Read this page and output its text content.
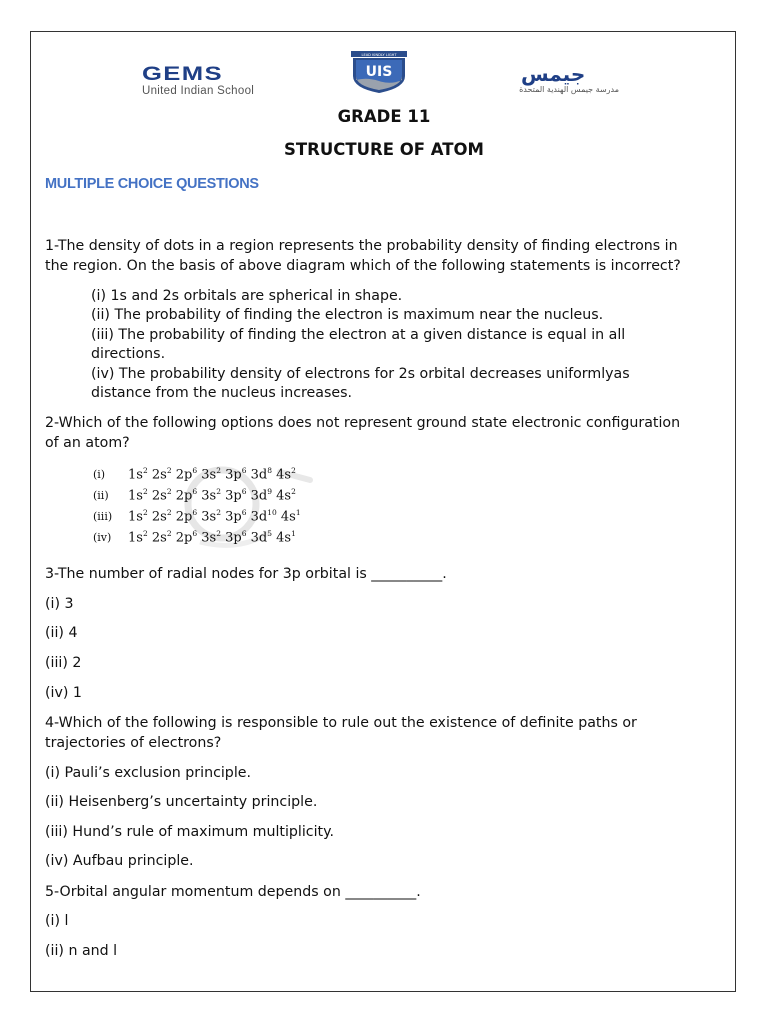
GEMS
United Indian School
LEAD KINDLY LIGHT
UIS	جيمس
مدرسة جيمس الهندية المتحدة
GRADE 11
STRUCTURE OF ATOM
MULTIPLE CHOICE QUESTIONS
1-The density of dots in a region represents the probability density of finding electrons in
the region. On the basis of above diagram which of the following statements is incorrect?
(i) 1s and 2s orbitals are spherical in shape.
(ii) The probability of finding the electron is maximum near the nucleus.
(iii) The probability of finding the electron at a given distance is equal in all
directions.
(iv) The probability density of electrons for 2s orbital decreases uniformlyas
distance from the nucleus increases.
2-Which of the following options does not represent ground state electronic configuration
of an atom?
(i) $1s^2$ $2s^2$ $2p^6$ $3s^2$ $3p^6$ $3d^8$ $4s^2$
(ii) $1s^2$ $2s^2$ $2p^6$ $3s^2$ $3p^6$ $3d^9$ $4s^2$
(iii) $1s^2$ $2s^2$ $2p^6$ $3s^2$ $3p^6$ $3d^{10}$ $4s^1$
(iv) $1s^2$ $2s^2$ $2p^6$ $3s^2$ $3p^6$ $3d^5$ $4s^1$
3-The number of radial nodes for 3p orbital is __________.
(i) 3
(ii) 4
(iii) 2
(iv) 1
4-Which of the following is responsible to rule out the existence of definite paths or
trajectories of electrons?
(i) Pauli’s exclusion principle.
(ii) Heisenberg’s uncertainty principle.
(iii) Hund’s rule of maximum multiplicity.
(iv) Aufbau principle.
5-Orbital angular momentum depends on __________.
(i) l
(ii) n and l
